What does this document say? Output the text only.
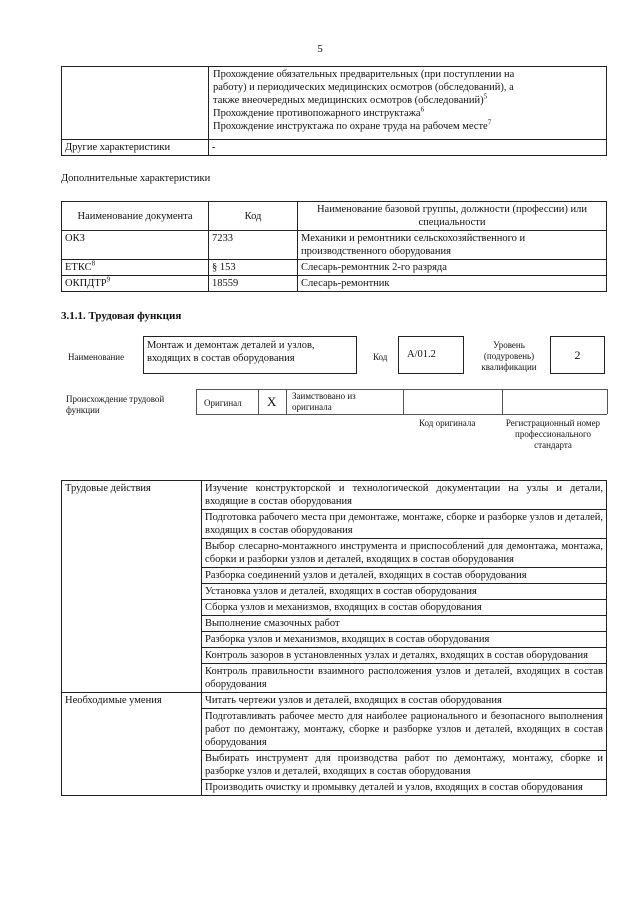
5

	Прохождение обязательных предварительных (при поступлении на
работу) и периодических медицинских осмотров (обследований), а
также внеочередных медицинских осмотров (обследований)$^5$
Прохождение противопожарного инструктажа$^6$
Прохождение инструктажа по охране труда на рабочем месте$^7$

Другие характеристики	-
Дополнительные характеристики
Наименование документа	Код	Наименование базовой группы, должности (профессии) или специальности
ОКЗ	7233	Механики и ремонтники сельскохозяйственного и производственного оборудования
ЕТКС$^8$	§ 153	Слесарь-ремонтник 2-го разряда
ОКПДТР$^9$	18559	Слесарь-ремонтник
3.1.1. Трудовая функция
Наименование
Монтаж и демонтаж деталей и узлов, входящих в состав оборудования	Код	A/01.2
Уровень (подуровень) квалификации
2
Происхождение трудовой функции
Оригинал X Заимствовано из оригинала
Код оригинала	Регистрационный номер профессионального стандарта
Трудовые действия	Изучение конструкторской и технологической документации на узлы и детали, входящие в состав оборудования
	Подготовка рабочего места при демонтаже, монтаже, сборке и разборке узлов и деталей, входящих в состав оборудования
	Выбор слесарно-монтажного инструмента и приспособлений для демонтажа, монтажа, сборки и разборки узлов и деталей, входящих в состав оборудования
	Разборка соединений узлов и деталей, входящих в состав оборудования
	Установка узлов и деталей, входящих в состав оборудования
	Сборка узлов и механизмов, входящих в состав оборудования
	Выполнение смазочных работ
	Разборка узлов и механизмов, входящих в состав оборудования
	Контроль зазоров в установленных узлах и деталях, входящих в состав оборудования
	Контроль правильности взаимного расположения узлов и деталей, входящих в состав оборудования
Необходимые умения	Читать чертежи узлов и деталей, входящих в состав оборудования
	Подготавливать рабочее место для наиболее рационального и безопасного выполнения работ по демонтажу, монтажу, сборке и разборке узлов и деталей, входящих в состав оборудования
	Выбирать инструмент для производства работ по демонтажу, монтажу, сборке и разборке узлов и деталей, входящих в состав оборудования
	Производить очистку и промывку деталей и узлов, входящих в состав оборудования
